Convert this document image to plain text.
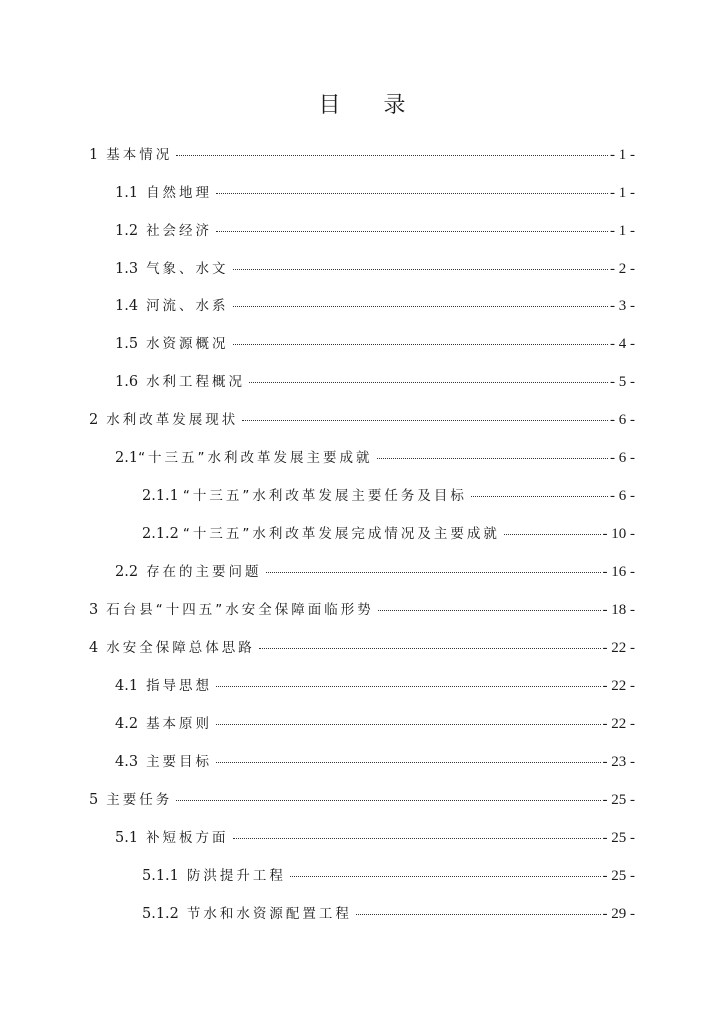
目 录
1 基本情况	- 1 -
1.1 自然地理	- 1 -
1.2 社会经济	- 1 -
1.3 气象、水文	- 2 -
1.4 河流、水系	- 3 -
1.5 水资源概况	- 4 -
1.6 水利工程概况	- 5 -
2 水利改革发展现状	- 6 -
2.1 “十三五”水利改革发展主要成就	- 6 -
2.1.1 “十三五”水利改革发展主要任务及目标	- 6 -
2.1.2 “十三五”水利改革发展完成情况及主要成就	- 10 -
2.2 存在的主要问题	- 16 -
3 石台县“十四五”水安全保障面临形势	- 18 -
4 水安全保障总体思路	- 22 -
4.1 指导思想	- 22 -
4.2 基本原则	- 22 -
4.3 主要目标	- 23 -
5 主要任务	- 25 -
5.1 补短板方面	- 25 -
5.1.1 防洪提升工程	- 25 -
5.1.2 节水和水资源配置工程	- 29 -
